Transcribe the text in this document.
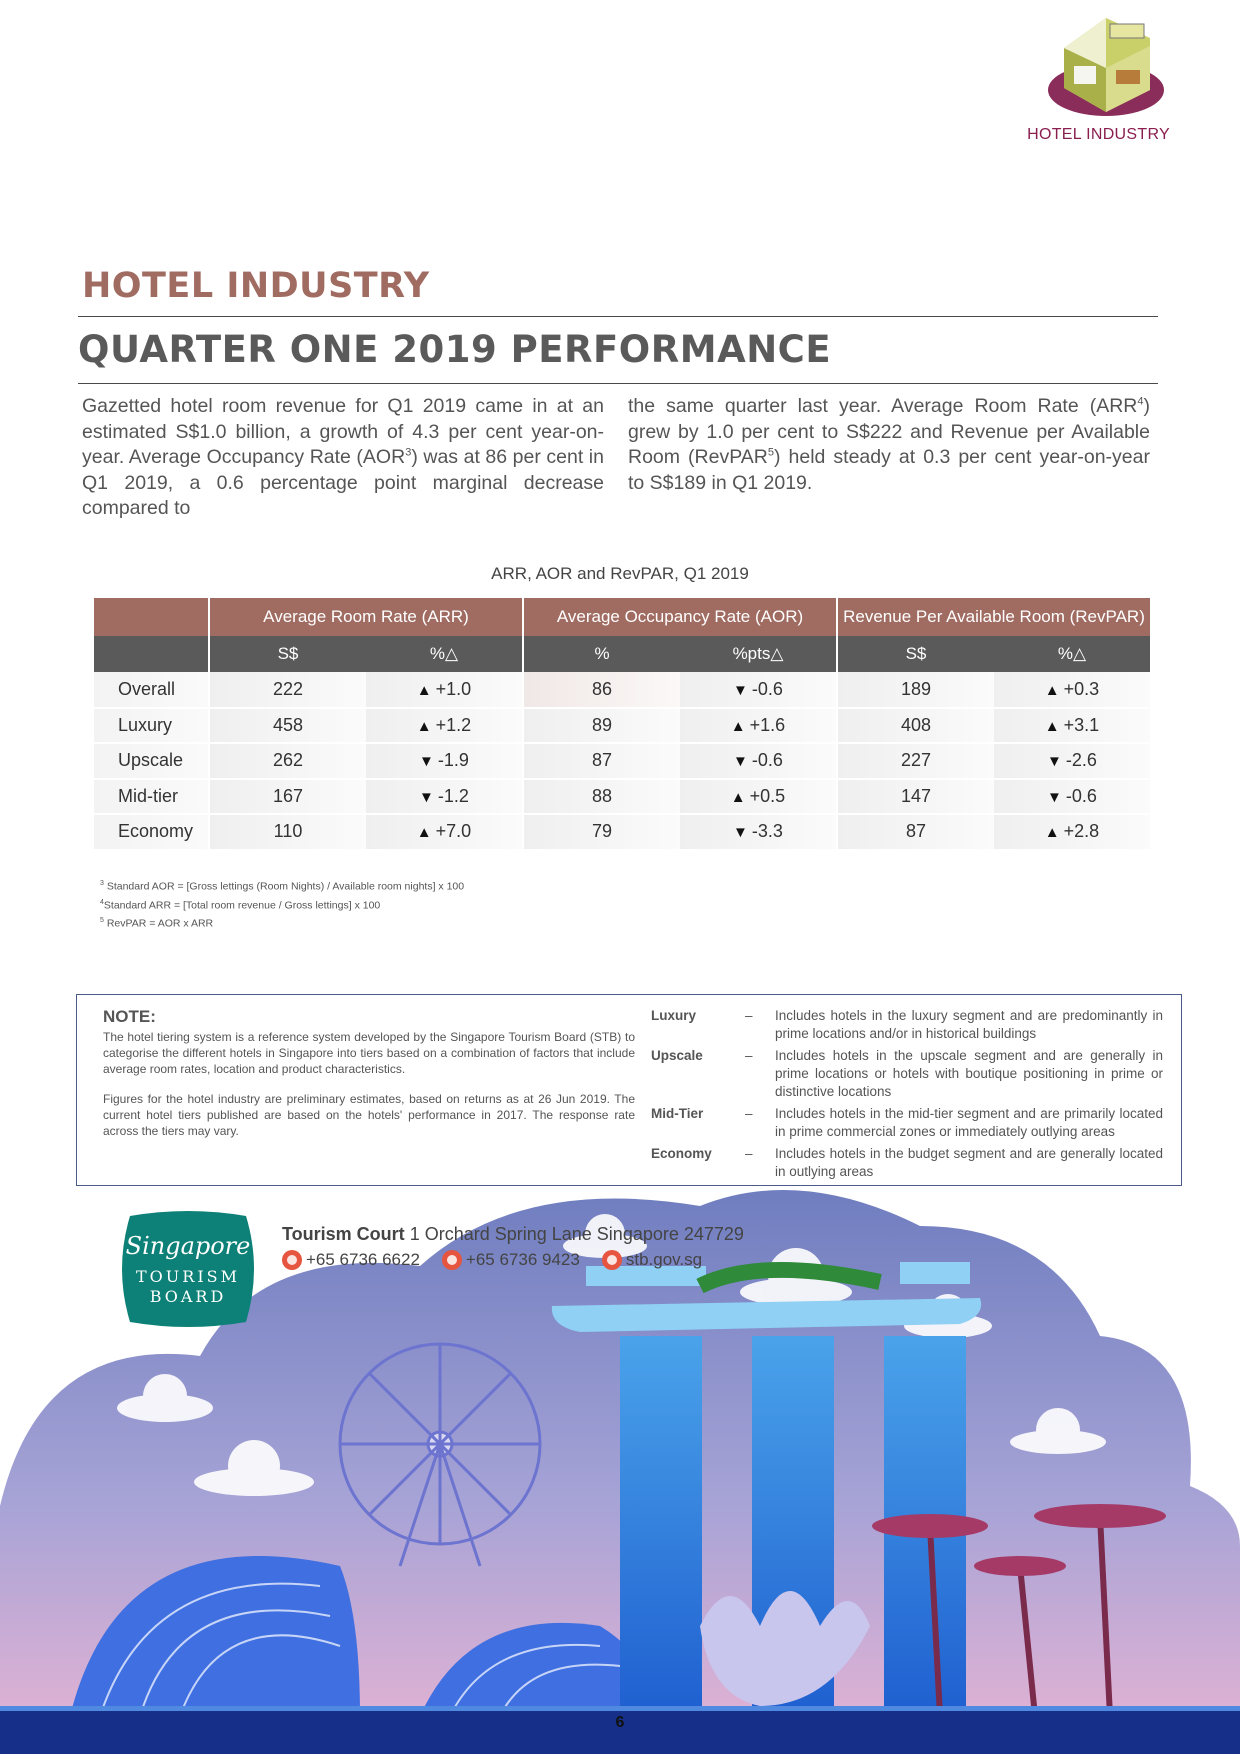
HOTEL INDUSTRY
HOTEL INDUSTRY
QUARTER ONE 2019 PERFORMANCE
Gazetted hotel room revenue for Q1 2019 came in at an estimated S$1.0 billion, a growth of 4.3 per cent year-on-year. Average Occupancy Rate (AOR$^3$) was at 86 per cent in Q1 2019, a 0.6 percentage point marginal decrease compared to
the same quarter last year. Average Room Rate (ARR$^4$) grew by 1.0 per cent to S$222 and Revenue per Available Room (RevPAR$^5$) held steady at 0.3 per cent year-on-year to S$189 in Q1 2019.
ARR, AOR and RevPAR, Q1 2019
	Average Room Rate (ARR)		Average Occupancy Rate (AOR)		Revenue Per Available Room (RevPAR)	
	S$	%△	%	%pts△	S$	%△
Overall	222	▲ +1.0	86	▼ -0.6	189	▲ +0.3
Luxury	458	▲ +1.2	89	▲ +1.6	408	▲ +3.1
Upscale	262	▼ -1.9	87	▼ -0.6	227	▼ -2.6
Mid-tier	167	▼ -1.2	88	▲ +0.5	147	▼ -0.6
Economy	110	▲ +7.0	79	▼ -3.3	87	▲ +2.8
$^3$ Standard AOR = [Gross lettings (Room Nights) / Available room nights] x 100
$^4$Standard ARR = [Total room revenue / Gross lettings] x 100
$^5$ RevPAR = AOR x ARR
NOTE:

The hotel tiering system is a reference system developed by the Singapore Tourism Board (STB) to categorise the different hotels in Singapore into tiers based on a combination of factors that include average room rates, location and product characteristics.

Figures for the hotel industry are preliminary estimates, based on returns as at 26 Jun 2019. The current hotel tiers published are based on the hotels' performance in 2017. The response rate across the tiers may vary.

Luxury	–	Includes hotels in the luxury segment and are predominantly in prime locations and/or in historical buildings
Upscale	–	Includes hotels in the upscale segment and are generally in prime locations or hotels with boutique positioning in prime or distinctive locations
Mid-Tier	–	Includes hotels in the mid-tier segment and are primarily located in prime commercial zones or immediately outlying areas
Economy	–	Includes hotels in the budget segment and are generally located in outlying areas
Singapore
TOURISM
BOARD
Tourism Court 1 Orchard Spring Lane Singapore 247729
+65 6736 6622	+65 6736 9423	stb.gov.sg
6
